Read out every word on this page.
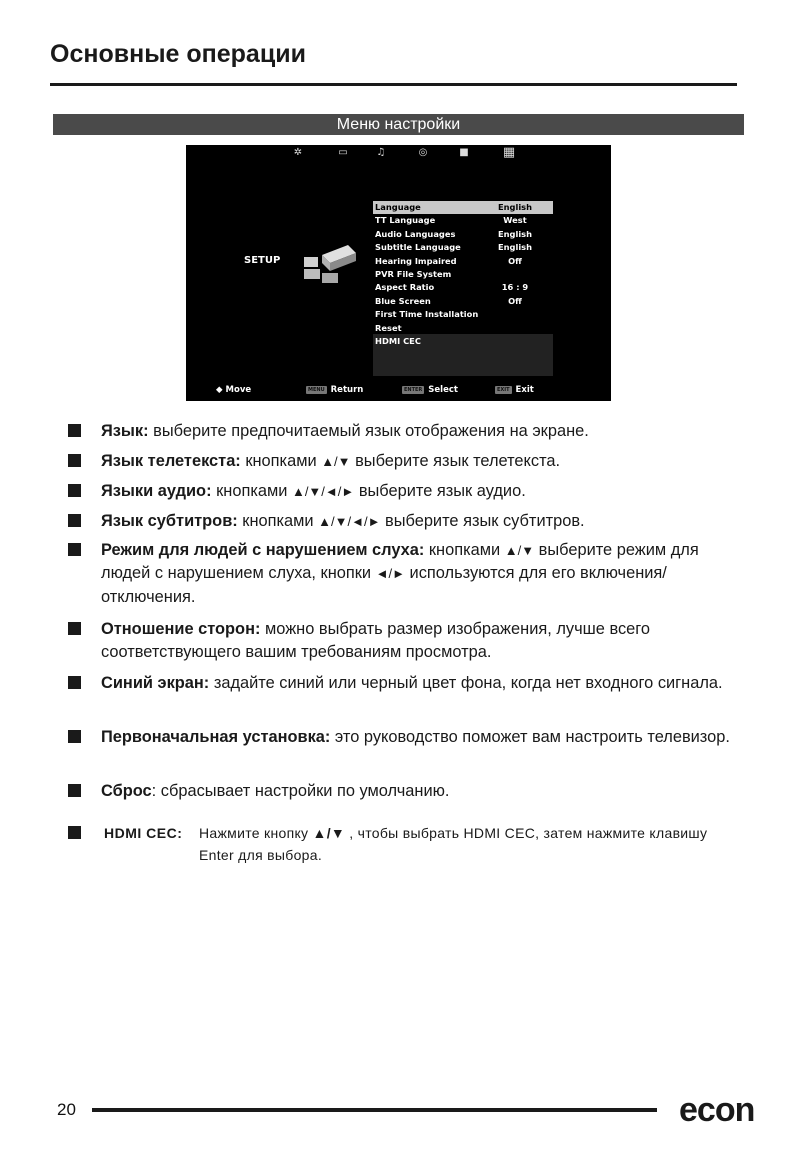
Основные операции
Меню настройки
✲	▭	♫	◎	■	▦
SETUP
Language	English
TT Language	West
Audio Languages	English
Subtitle Language	English
Hearing Impaired	Off
PVR File System
Aspect Ratio	16 : 9
Blue Screen	Off
First Time Installation
Reset
HDMI CEC
◆ Move	MENU Return	ENTER Select	EXIT Exit
Язык: выберите предпочитаемый язык отображения на экране.
Язык телетекста: кнопками ▲/▼ выберите язык телетекста.
Языки аудио: кнопками ▲/▼/◄/► выберите язык аудио.
Язык субтитров: кнопками ▲/▼/◄/► выберите язык субтитров.
Режим для людей с нарушением слуха: кнопками ▲/▼ выберите режим для людей с нарушением слуха, кнопки ◄/► используются для его включения/отключения.
Отношение сторон: можно выбрать размер изображения, лучше всего соответствующего вашим требованиям просмотра.
Синий экран: задайте синий или черный цвет фона, когда нет входного сигнала.
Первоначальная установка: это руководство поможет вам настроить телевизор.
Сброс: сбрасывает настройки по умолчанию.
HDMI CEC: Нажмите кнопку ▲/▼ , чтобы выбрать HDMI CEC, затем нажмите клавишу Enter для выбора.
20	econ
